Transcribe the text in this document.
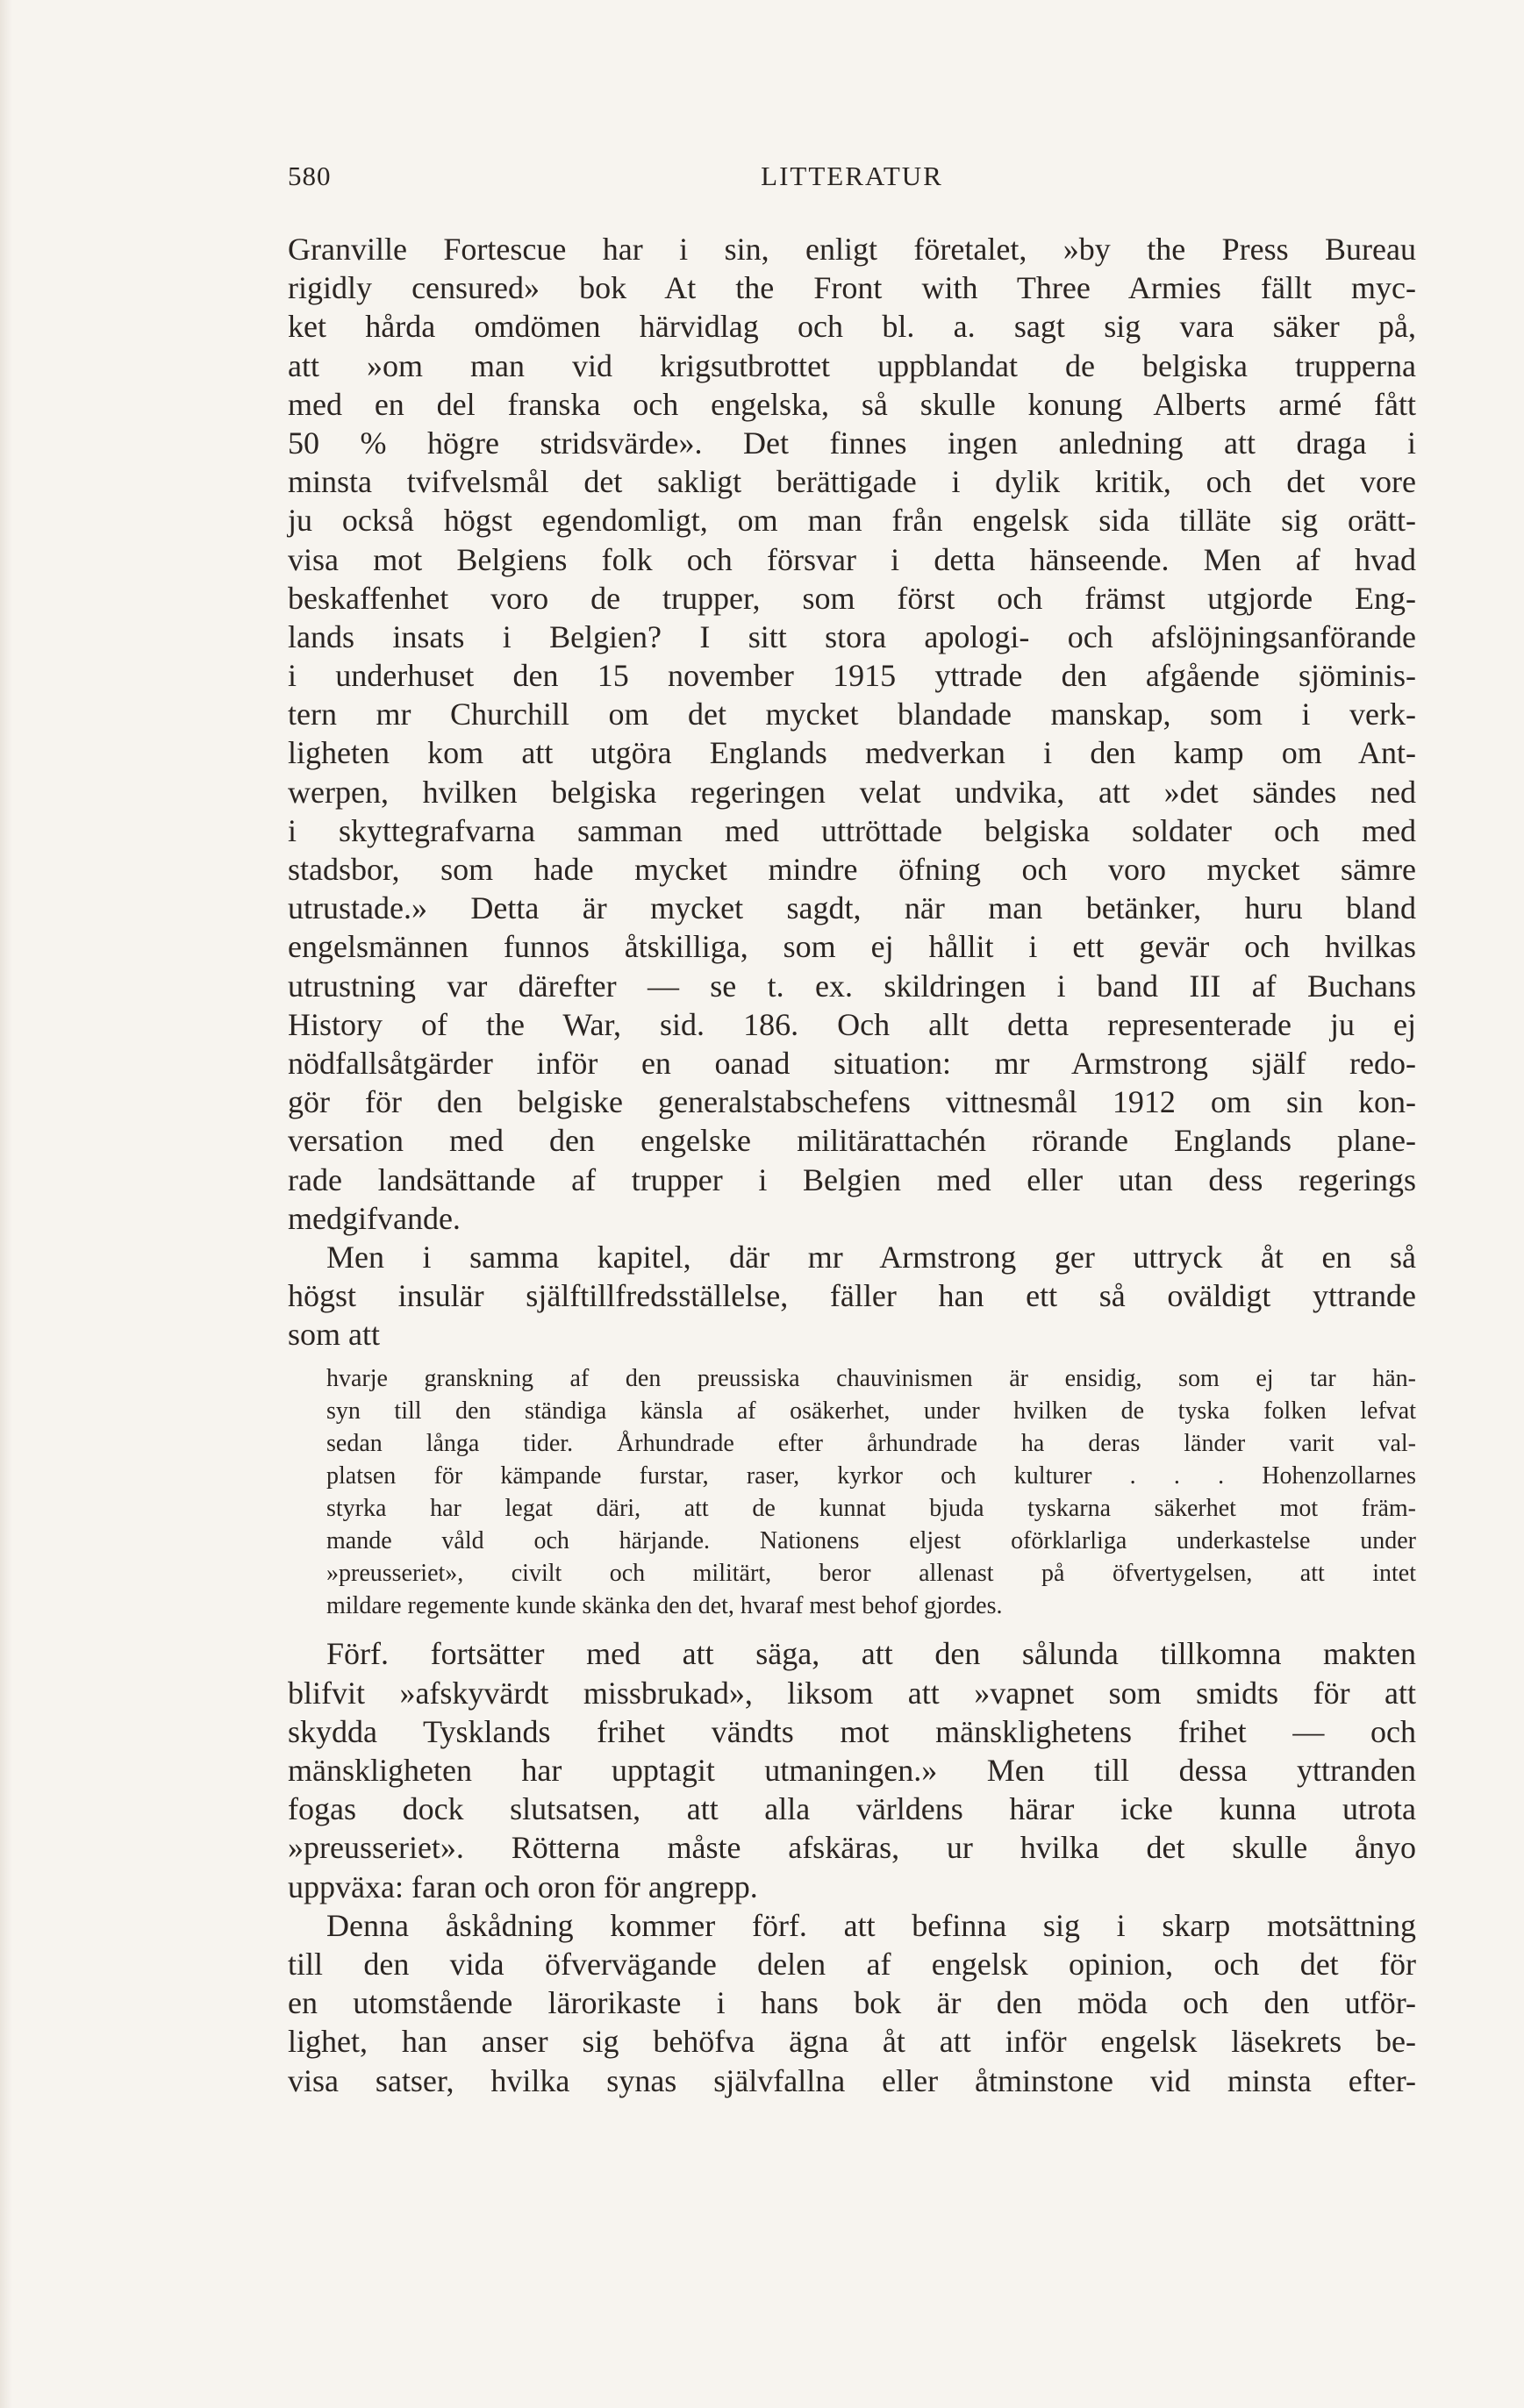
580	LITTERATUR
Granville Fortescue har i sin, enligt företalet, »by the Press Bureau
rigidly censured» bok At the Front with Three Armies fällt myc-
ket hårda omdömen härvidlag och bl. a. sagt sig vara säker på,
att »om man vid krigsutbrottet uppblandat de belgiska trupperna
med en del franska och engelska, så skulle konung Alberts armé fått
50 % högre stridsvärde». Det finnes ingen anledning att draga i
minsta tvifvelsmål det sakligt berättigade i dylik kritik, och det vore
ju också högst egendomligt, om man från engelsk sida tilläte sig orätt-
visa mot Belgiens folk och försvar i detta hänseende. Men af hvad
beskaffenhet voro de trupper, som först och främst utgjorde Eng-
lands insats i Belgien? I sitt stora apologi- och afslöjningsanförande
i underhuset den 15 november 1915 yttrade den afgående sjöminis-
tern mr Churchill om det mycket blandade manskap, som i verk-
ligheten kom att utgöra Englands medverkan i den kamp om Ant-
werpen, hvilken belgiska regeringen velat undvika, att »det sändes ned
i skyttegrafvarna samman med uttröttade belgiska soldater och med
stadsbor, som hade mycket mindre öfning och voro mycket sämre
utrustade.» Detta är mycket sagdt, när man betänker, huru bland
engelsmännen funnos åtskilliga, som ej hållit i ett gevär och hvilkas
utrustning var därefter — se t. ex. skildringen i band III af Buchans
History of the War, sid. 186. Och allt detta representerade ju ej
nödfallsåtgärder inför en oanad situation: mr Armstrong själf redo-
gör för den belgiske generalstabschefens vittnesmål 1912 om sin kon-
versation med den engelske militärattachén rörande Englands plane-
rade landsättande af trupper i Belgien med eller utan dess regerings
medgifvande.
Men i samma kapitel, där mr Armstrong ger uttryck åt en så
högst insulär själftillfredsställelse, fäller han ett så oväldigt yttrande
som att
hvarje granskning af den preussiska chauvinismen är ensidig, som ej tar hän-
syn till den ständiga känsla af osäkerhet, under hvilken de tyska folken lefvat
sedan långa tider. Århundrade efter århundrade ha deras länder varit val-
platsen för kämpande furstar, raser, kyrkor och kulturer . . . Hohenzollarnes
styrka har legat däri, att de kunnat bjuda tyskarna säkerhet mot främ-
mande våld och härjande. Nationens eljest oförklarliga underkastelse under
»preusseriet», civilt och militärt, beror allenast på öfvertygelsen, att intet
mildare regemente kunde skänka den det, hvaraf mest behof gjordes.
Förf. fortsätter med att säga, att den sålunda tillkomna makten
blifvit »afskyvärdt missbrukad», liksom att »vapnet som smidts för att
skydda Tysklands frihet vändts mot mänsklighetens frihet — och
mänskligheten har upptagit utmaningen.» Men till dessa yttranden
fogas dock slutsatsen, att alla världens härar icke kunna utrota
»preusseriet». Rötterna måste afskäras, ur hvilka det skulle ånyo
uppväxa: faran och oron för angrepp.
Denna åskådning kommer förf. att befinna sig i skarp motsättning
till den vida öfvervägande delen af engelsk opinion, och det för
en utomstående lärorikaste i hans bok är den möda och den utför-
lighet, han anser sig behöfva ägna åt att inför engelsk läsekrets be-
visa satser, hvilka synas självfallna eller åtminstone vid minsta efter-
